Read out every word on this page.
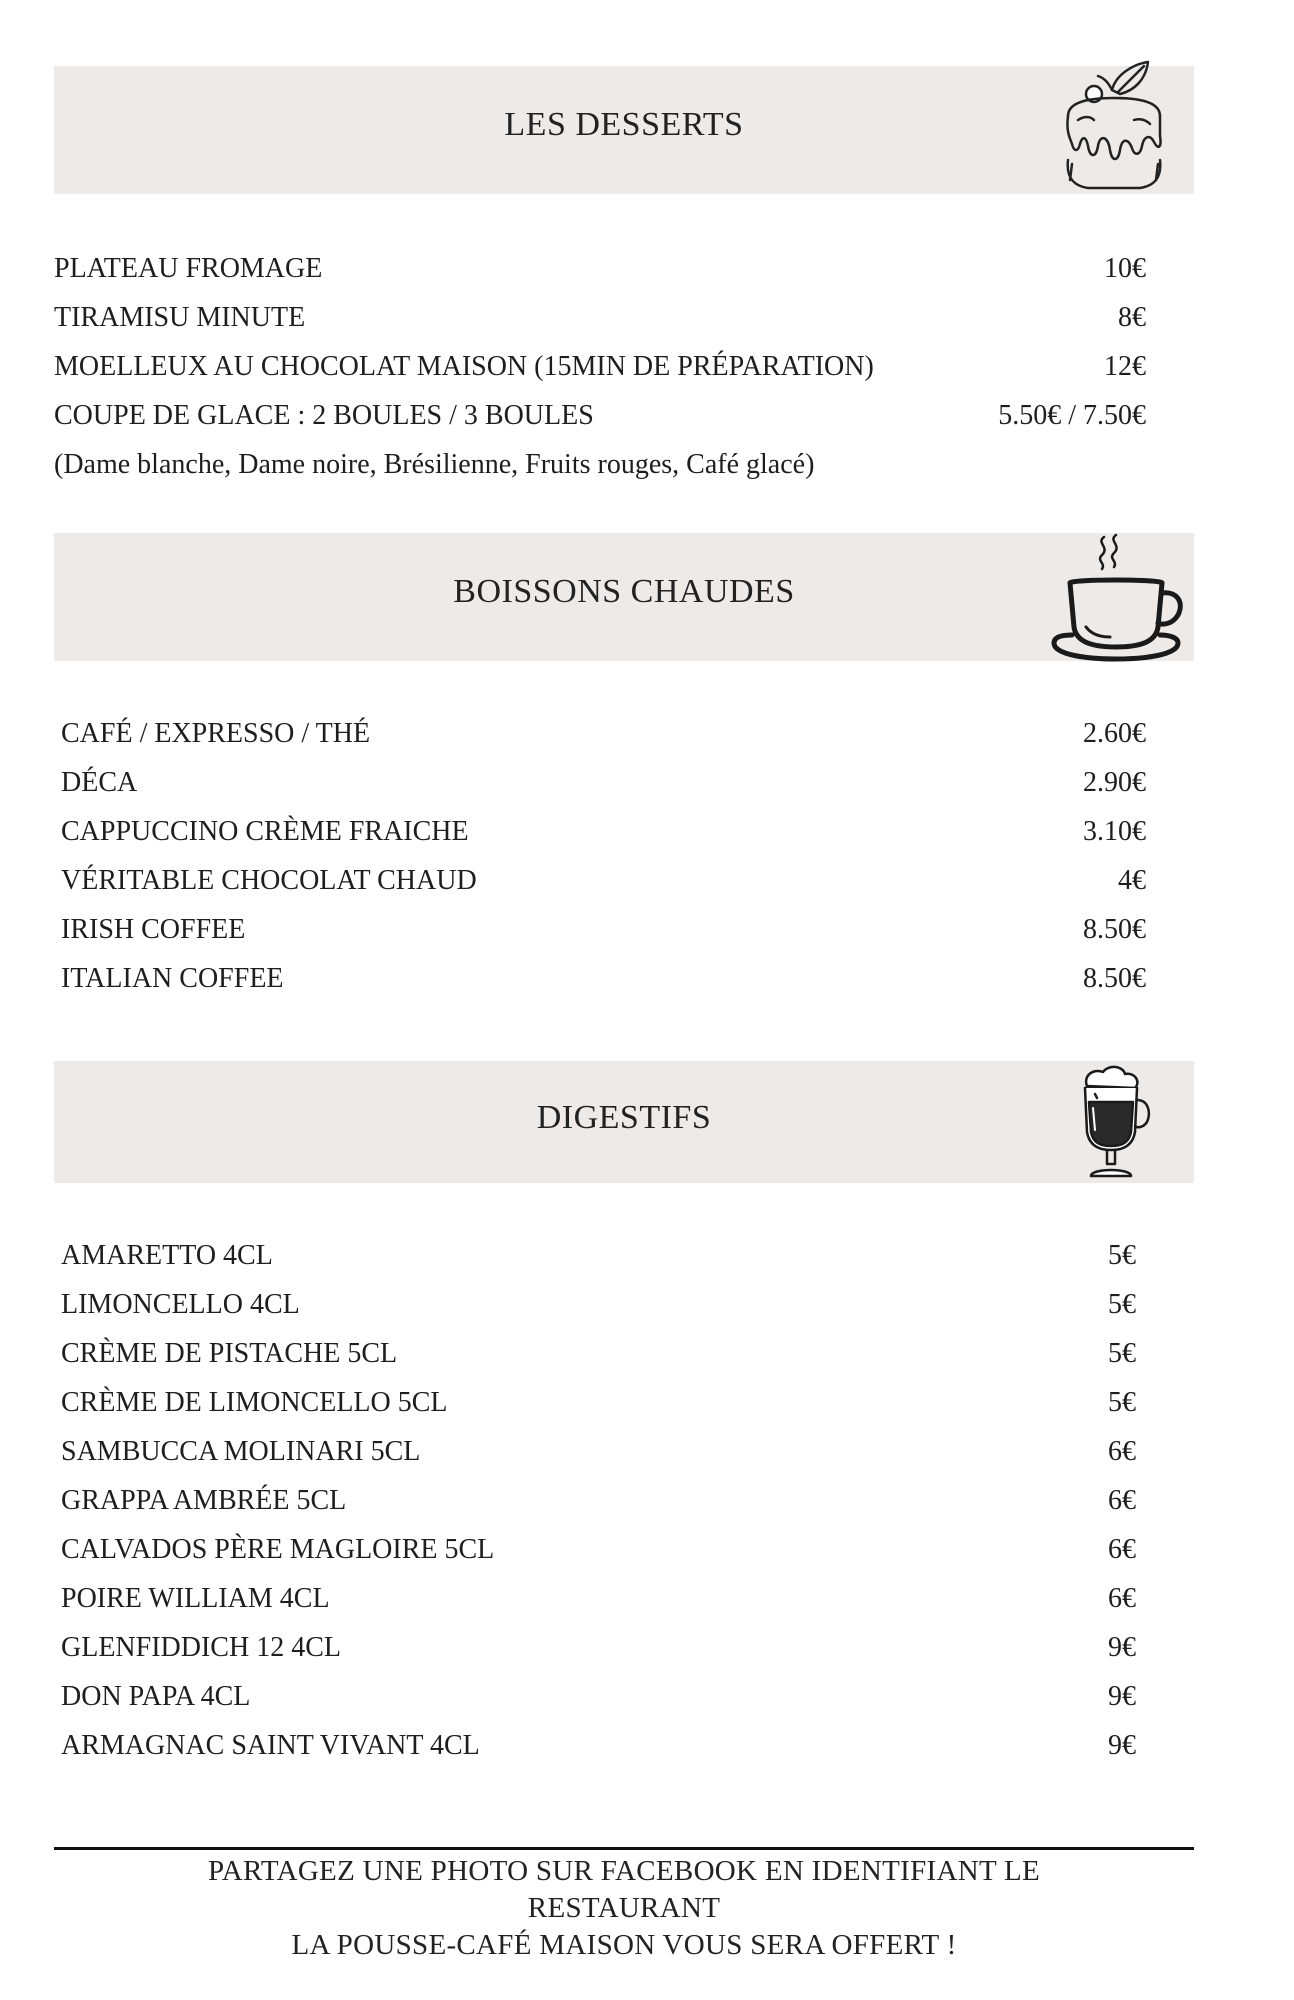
LES DESSERTS
PLATEAU FROMAGE	10€
TIRAMISU MINUTE	8€
MOELLEUX AU CHOCOLAT MAISON (15MIN DE PRÉPARATION)	12€
COUPE DE GLACE : 2 BOULES / 3 BOULES	5.50€ / 7.50€
(Dame blanche, Dame noire, Brésilienne, Fruits rouges, Café glacé)
BOISSONS CHAUDES
CAFÉ / EXPRESSO / THÉ	2.60€
DÉCA	2.90€
CAPPUCCINO CRÈME FRAICHE	3.10€
VÉRITABLE CHOCOLAT CHAUD	4€
IRISH COFFEE	8.50€
ITALIAN COFFEE	8.50€
DIGESTIFS
AMARETTO 4CL	5€
LIMONCELLO 4CL	5€
CRÈME DE PISTACHE 5CL	5€
CRÈME DE LIMONCELLO 5CL	5€
SAMBUCCA MOLINARI 5CL	6€
GRAPPA AMBRÉE 5CL	6€
CALVADOS PÈRE MAGLOIRE 5CL	6€
POIRE WILLIAM 4CL	6€
GLENFIDDICH 12 4CL	9€
DON PAPA 4CL	9€
ARMAGNAC SAINT VIVANT 4CL	9€
PARTAGEZ UNE PHOTO SUR FACEBOOK EN IDENTIFIANT LE
RESTAURANT
LA POUSSE-CAFÉ MAISON VOUS SERA OFFERT !
